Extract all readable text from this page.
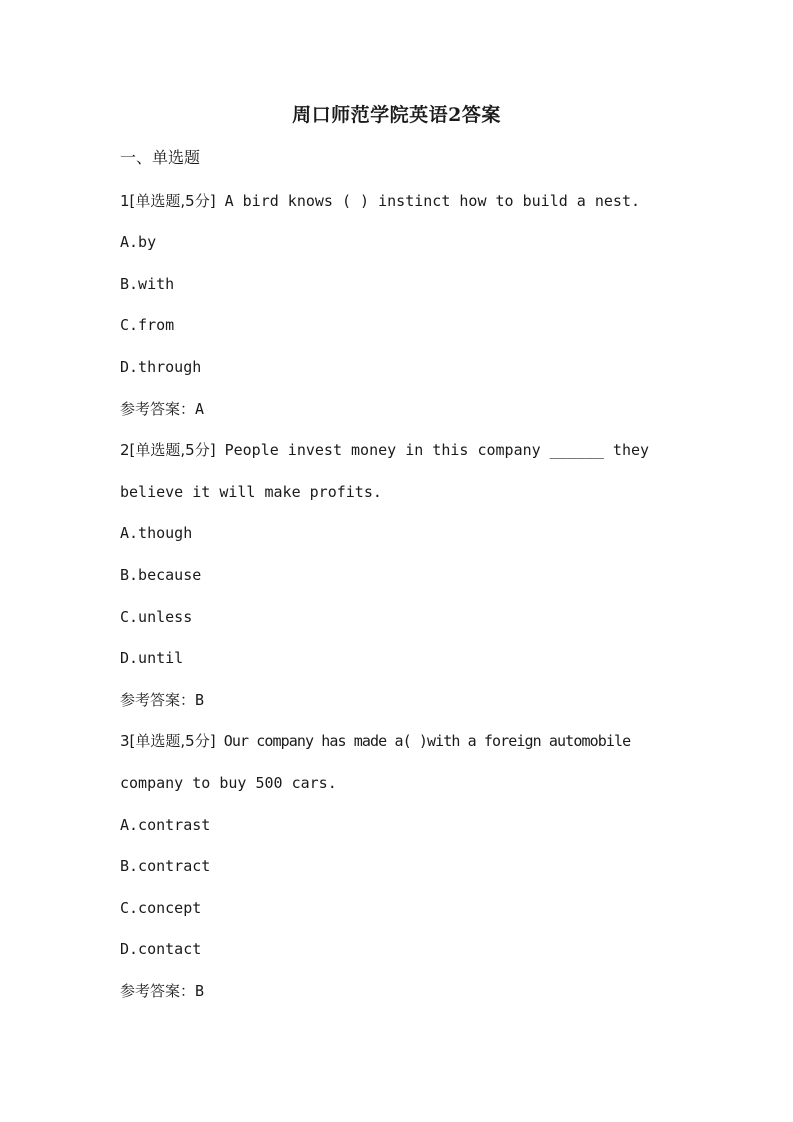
周口师范学院英语2答案
一、单选题
1[单选题,5分] A bird knows ( ) instinct how to build a nest.
A.by
B.with
C.from
D.through
参考答案：A
2[单选题,5分] People invest money in this company ______ they
believe it will make profits.
A.though
B.because
C.unless
D.until
参考答案：B
3[单选题,5分] Our company has made a( )with a foreign automobile
company to buy 500 cars.
A.contrast
B.contract
C.concept
D.contact
参考答案：B
